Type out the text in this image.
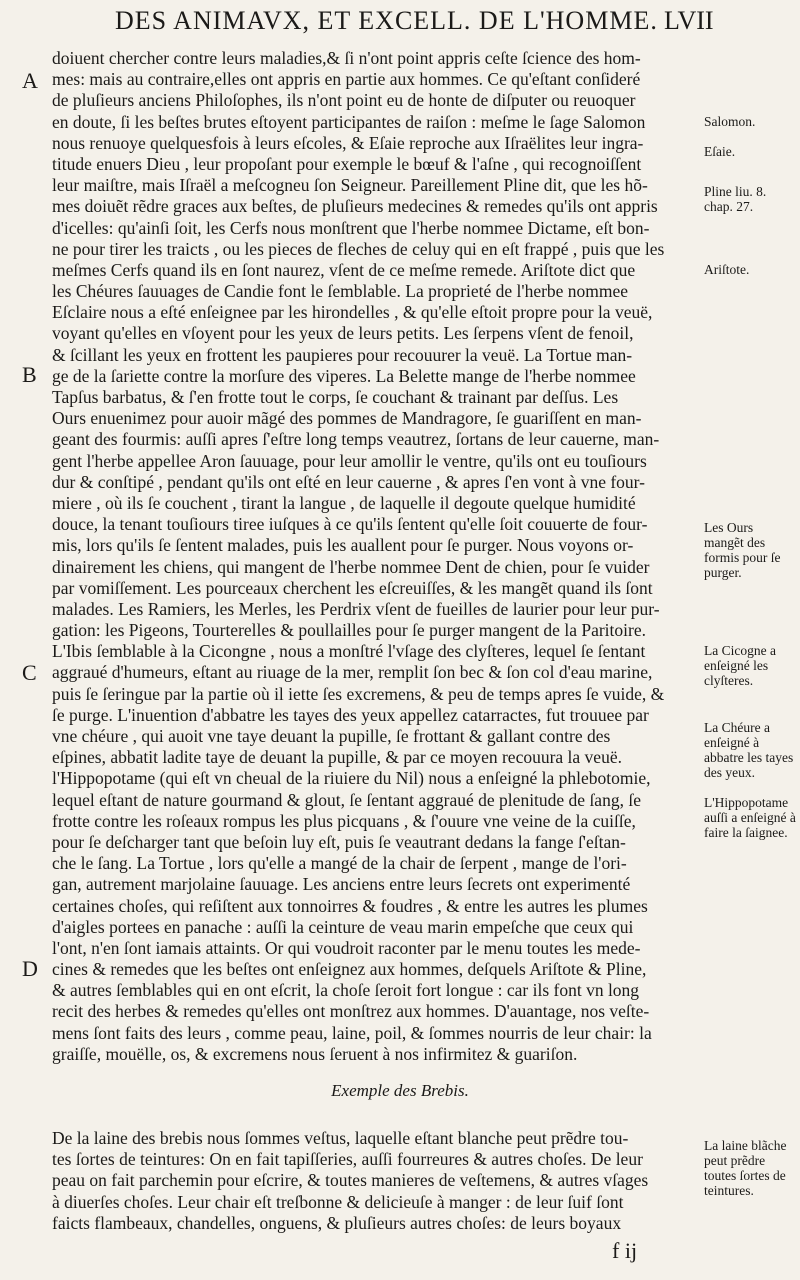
DES ANIMAVX, ET EXCELL. DE L'HOMME. LVII
A
B
C
D
doiuent chercher contre leurs maladies,& ſi n'ont point appris ceſte ſcience des hom-
mes: mais au contraire,elles ont appris en partie aux hommes. Ce qu'eſtant conſideré
de pluſieurs anciens Philoſophes, ils n'ont point eu de honte de diſputer ou reuoquer
en doute, ſi les beſtes brutes eſtoyent participantes de raiſon : meſme le ſage Salomon
nous renuoye quelquesfois à leurs eſcoles, & Eſaie reproche aux Iſraëlites leur ingra-
titude enuers Dieu , leur propoſant pour exemple le bœuf & l'aſne , qui recognoiſſent
leur maiſtre, mais Iſraël a meſcogneu ſon Seigneur. Pareillement Pline dit, que les hõ-
mes doiuẽt rẽdre graces aux beſtes, de pluſieurs medecines & remedes qu'ils ont appris
d'icelles: qu'ainſi ſoit, les Cerfs nous monſtrent que l'herbe nommee Dictame, eſt bon-
ne pour tirer les traicts , ou les pieces de fleches de celuy qui en eſt frappé , puis que les
meſmes Cerfs quand ils en ſont naurez, vſent de ce meſme remede. Ariſtote dict que
les Chéures ſauuages de Candie font le ſemblable. La proprieté de l'herbe nommee
Eſclaire nous a eſté enſeignee par les hirondelles , & qu'elle eſtoit propre pour la veuë,
voyant qu'elles en vſoyent pour les yeux de leurs petits. Les ſerpens vſent de fenoil,
& ſcillant les yeux en frottent les paupieres pour recouurer la veuë. La Tortue man-
ge de la ſariette contre la morſure des viperes. La Belette mange de l'herbe nommee
Tapſus barbatus, & ſ'en frotte tout le corps, ſe couchant & trainant par deſſus. Les
Ours enuenimez pour auoir mãgé des pommes de Mandragore, ſe guariſſent en man-
geant des fourmis: auſſi apres ſ'eſtre long temps veautrez, ſortans de leur cauerne, man-
gent l'herbe appellee Aron ſauuage, pour leur amollir le ventre, qu'ils ont eu touſiours
dur & conſtipé , pendant qu'ils ont eſté en leur cauerne , & apres ſ'en vont à vne four-
miere , où ils ſe couchent , tirant la langue , de laquelle il degoute quelque humidité
douce, la tenant touſiours tiree iuſques à ce qu'ils ſentent qu'elle ſoit couuerte de four-
mis, lors qu'ils ſe ſentent malades, puis les auallent pour ſe purger. Nous voyons or-
dinairement les chiens, qui mangent de l'herbe nommee Dent de chien, pour ſe vuider
par vomiſſement. Les pourceaux cherchent les eſcreuiſſes, & les mangẽt quand ils ſont
malades. Les Ramiers, les Merles, les Perdrix vſent de fueilles de laurier pour leur pur-
gation: les Pigeons, Tourterelles & poullailles pour ſe purger mangent de la Paritoire.
L'Ibis ſemblable à la Cicongne , nous a monſtré l'vſage des clyſteres, lequel ſe ſentant
aggraué d'humeurs, eſtant au riuage de la mer, remplit ſon bec & ſon col d'eau marine,
puis ſe ſeringue par la partie où il iette ſes excremens, & peu de temps apres ſe vuide, &
ſe purge. L'inuention d'abbatre les tayes des yeux appellez catarractes, fut trouuee par
vne chéure , qui auoit vne taye deuant la pupille, ſe frottant & gallant contre des
eſpines, abbatit ladite taye de deuant la pupille, & par ce moyen recouura la veuë.
l'Hippopotame (qui eſt vn cheual de la riuiere du Nil) nous a enſeigné la phlebotomie,
lequel eſtant de nature gourmand & glout, ſe ſentant aggraué de plenitude de ſang, ſe
frotte contre les roſeaux rompus les plus picquans , & ſ'ouure vne veine de la cuiſſe,
pour ſe deſcharger tant que beſoin luy eſt, puis ſe veautrant dedans la fange ſ'eſtan-
che le ſang. La Tortue , lors qu'elle a mangé de la chair de ſerpent , mange de l'ori-
gan, autrement marjolaine ſauuage. Les anciens entre leurs ſecrets ont experimenté
certaines choſes, qui reſiſtent aux tonnoirres & foudres , & entre les autres les plumes
d'aigles portees en panache : auſſi la ceinture de veau marin empeſche que ceux qui
l'ont, n'en ſont iamais attaints. Or qui voudroit raconter par le menu toutes les mede-
cines & remedes que les beſtes ont enſeignez aux hommes, deſquels Ariſtote & Pline,
& autres ſemblables qui en ont eſcrit, la choſe ſeroit fort longue : car ils font vn long
recit des herbes & remedes qu'elles ont monſtrez aux hommes. D'auantage, nos veſte-
mens ſont faits des leurs , comme peau, laine, poil, & ſommes nourris de leur chair: la
graiſſe, mouëlle, os, & excremens nous ſeruent à nos infirmitez & guariſon.
Exemple des Brebis.
De la laine des brebis nous ſommes veſtus, laquelle eſtant blanche peut prẽdre tou-
tes ſortes de teintures: On en fait tapiſſeries, auſſi fourreures & autres choſes. De leur
peau on fait parchemin pour eſcrire, & toutes manieres de veſtemens, & autres vſages
à diuerſes choſes. Leur chair eſt treſbonne & delicieuſe à manger : de leur ſuif ſont
faicts flambeaux, chandelles, onguens, & pluſieurs autres choſes: de leurs boyaux
Salomon.
Eſaie.
Pline liu. 8. chap. 27.
Ariſtote.
Les Ours mangẽt des formis pour ſe purger.
La Cicogne a enſeigné les clyſteres.
La Chéure a enſeigné à abbatre les tayes des yeux.
L'Hippopotame auſſi a enſeigné à faire la ſaignee.
La laine blãche peut prẽdre toutes ſortes de teintures.
f ij
